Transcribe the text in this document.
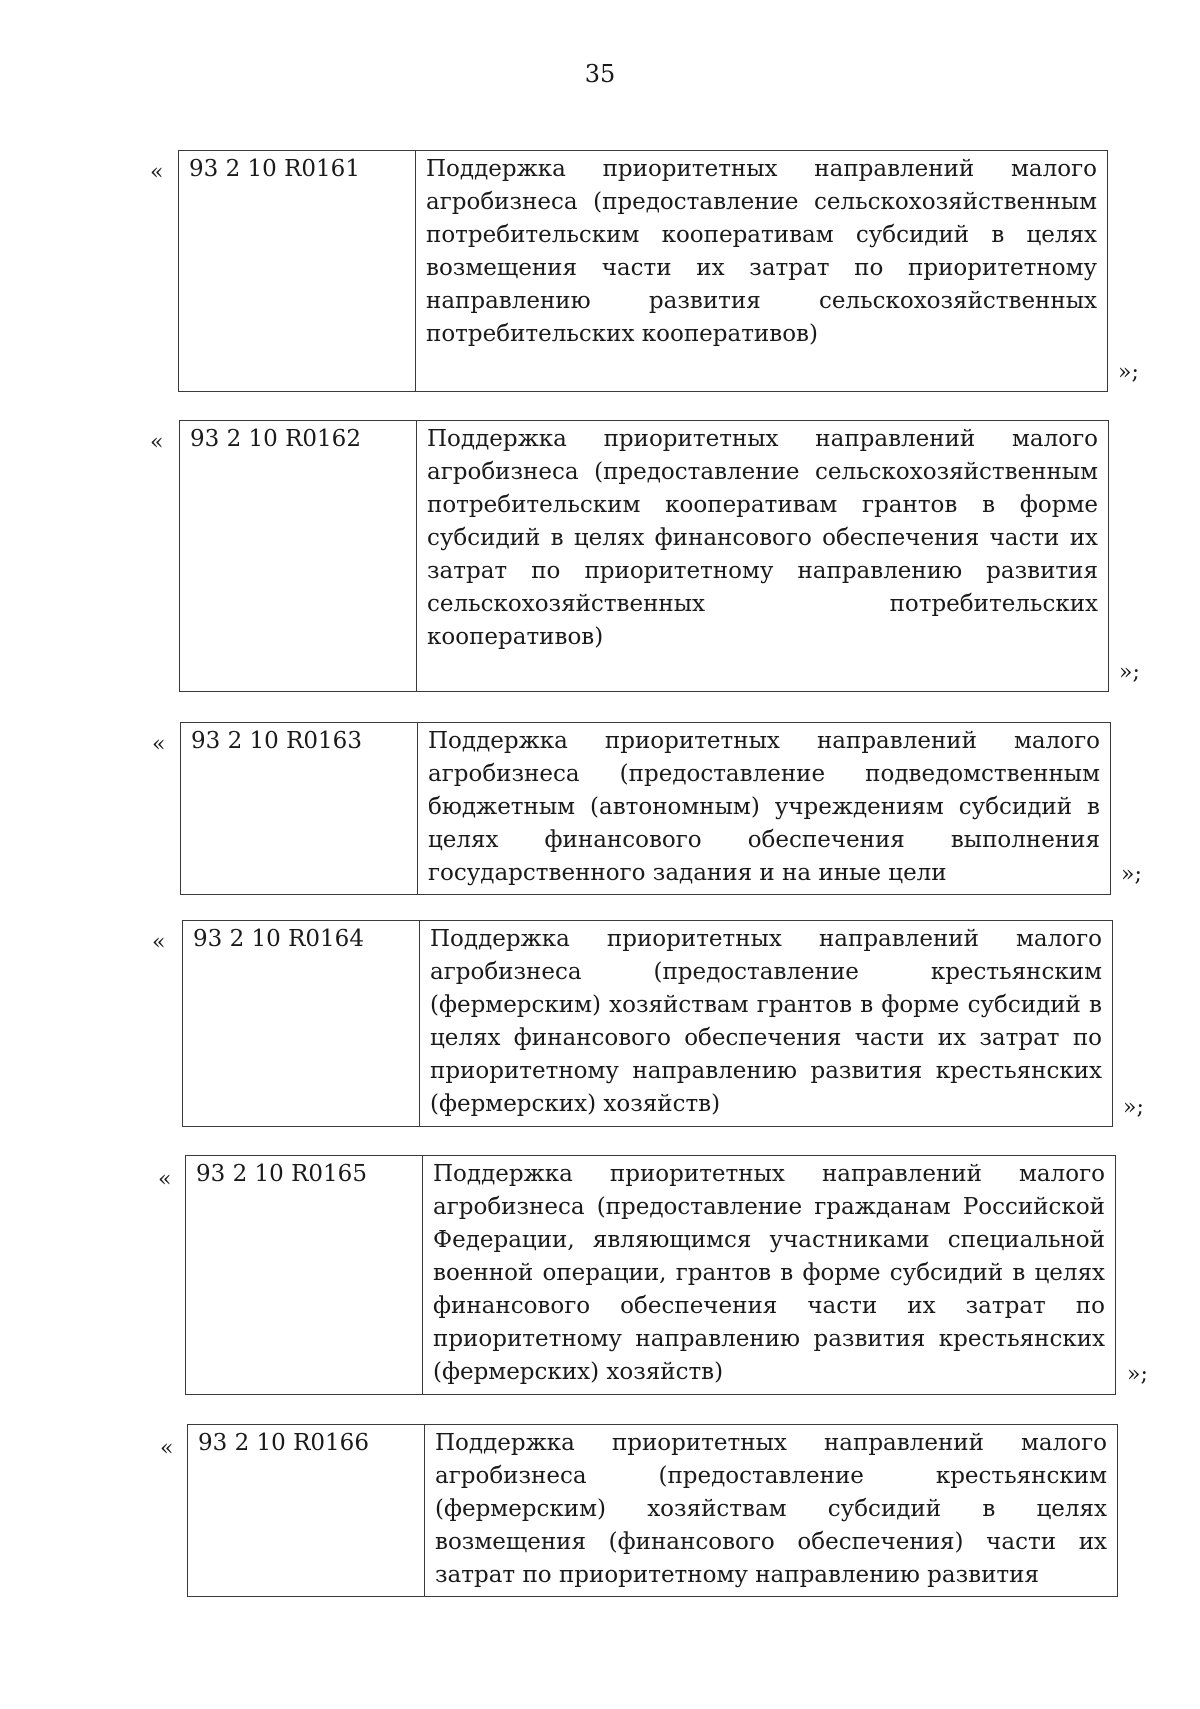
35
« 93 2 10 R0161	Поддержка приоритетных направлений малого агробизнеса (предоставление сельскохозяйственным потребительским кооперативам субсидий в целях возмещения части их затрат по приоритетному направлению развития сельскохозяйственных потребительских кооперативов)
»;
« 93 2 10 R0162	Поддержка приоритетных направлений малого агробизнеса (предоставление сельскохозяйственным потребительским кооперативам грантов в форме субсидий в целях финансового обеспечения части их затрат по приоритетному направлению развития сельскохозяйственных потребительских кооперативов)
»;
« 93 2 10 R0163	Поддержка приоритетных направлений малого агробизнеса (предоставление подведомственным бюджетным (автономным) учреждениям субсидий в целях финансового обеспечения выполнения государственного задания и на иные цели	»;
« 93 2 10 R0164	Поддержка приоритетных направлений малого агробизнеса (предоставление крестьянским (фермерским) хозяйствам грантов в форме субсидий в целях финансового обеспечения части их затрат по приоритетному направлению развития крестьянских (фермерских) хозяйств)	»;
« 93 2 10 R0165	Поддержка приоритетных направлений малого агробизнеса (предоставление гражданам Российской Федерации, являющимся участниками специальной военной операции, грантов в форме субсидий в целях финансового обеспечения части их затрат по приоритетному направлению развития крестьянских (фермерских) хозяйств)	»;
« 93 2 10 R0166	Поддержка приоритетных направлений малого агробизнеса (предоставление крестьянским (фермерским) хозяйствам субсидий в целях возмещения (финансового обеспечения) части их затрат по приоритетному направлению развития
